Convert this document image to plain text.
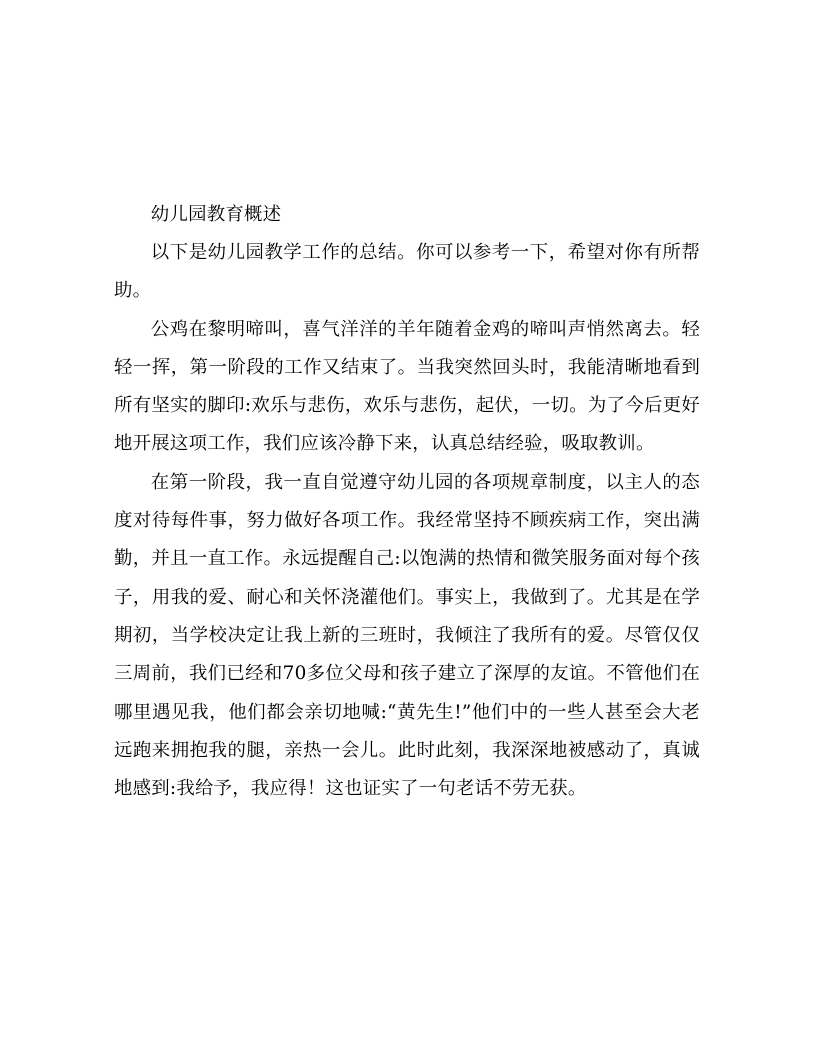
幼儿园教育概述

以下是幼儿园教学工作的总结。你可以参考一下，希望对你有所帮助。

公鸡在黎明啼叫，喜气洋洋的羊年随着金鸡的啼叫声悄然离去。轻轻一挥，第一阶段的工作又结束了。当我突然回头时，我能清晰地看到所有坚实的脚印:欢乐与悲伤，欢乐与悲伤，起伏，一切。为了今后更好地开展这项工作，我们应该冷静下来，认真总结经验，吸取教训。

在第一阶段，我一直自觉遵守幼儿园的各项规章制度，以主人的态度对待每件事，努力做好各项工作。我经常坚持不顾疾病工作，突出满勤，并且一直工作。永远提醒自己:以饱满的热情和微笑服务面对每个孩子，用我的爱、耐心和关怀浇灌他们。事实上，我做到了。尤其是在学期初，当学校决定让我上新的三班时，我倾注了我所有的爱。尽管仅仅三周前，我们已经和70多位父母和孩子建立了深厚的友谊。不管他们在哪里遇见我，他们都会亲切地喊:“黄先生!”他们中的一些人甚至会大老远跑来拥抱我的腿，亲热一会儿。此时此刻，我深深地被感动了，真诚地感到:我给予，我应得！这也证实了一句老话不劳无获。
